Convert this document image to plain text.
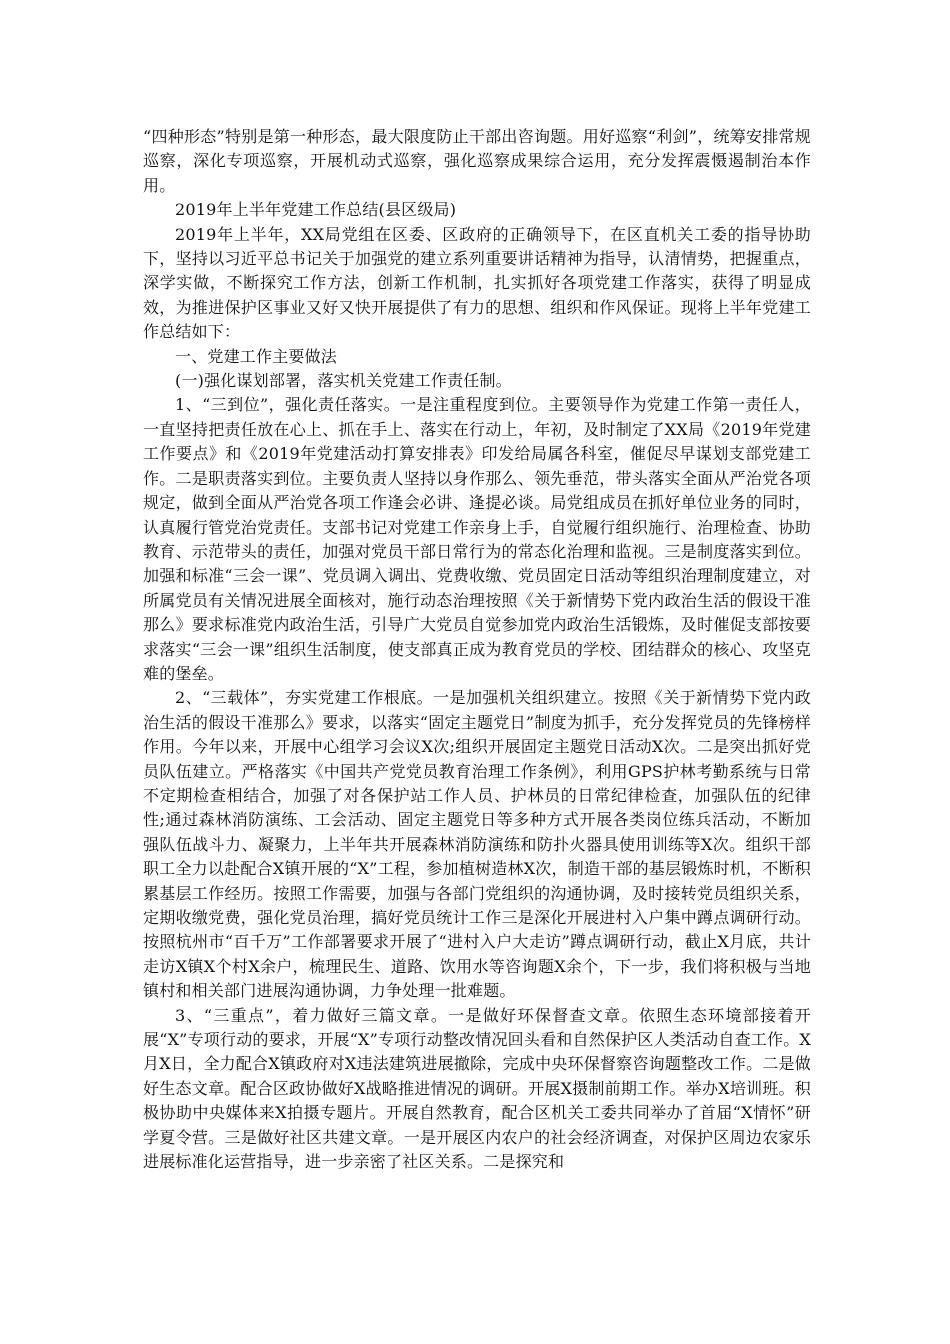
“四种形态”特别是第一种形态，最大限度防止干部出咨询题。用好巡察“利剑”，统筹安排常规巡察，深化专项巡察，开展机动式巡察，强化巡察成果综合运用，充分发挥震慑遏制治本作用。

2019年上半年党建工作总结(县区级局)

2019年上半年，XX局党组在区委、区政府的正确领导下，在区直机关工委的指导协助下，坚持以习近平总书记关于加强党的建立系列重要讲话精神为指导，认清情势，把握重点，深学实做，不断探究工作方法，创新工作机制，扎实抓好各项党建工作落实，获得了明显成效，为推进保护区事业又好又快开展提供了有力的思想、组织和作风保证。现将上半年党建工作总结如下：

一、党建工作主要做法

(一)强化谋划部署，落实机关党建工作责任制。

1、“三到位”，强化责任落实。一是注重程度到位。主要领导作为党建工作第一责任人，一直坚持把责任放在心上、抓在手上、落实在行动上，年初，及时制定了XX局《2019年党建工作要点》和《2019年党建活动打算安排表》印发给局属各科室，催促尽早谋划支部党建工作。二是职责落实到位。主要负责人坚持以身作那么、领先垂范，带头落实全面从严治党各项规定，做到全面从严治党各项工作逢会必讲、逢提必谈。局党组成员在抓好单位业务的同时，认真履行管党治党责任。支部书记对党建工作亲身上手，自觉履行组织施行、治理检查、协助教育、示范带头的责任，加强对党员干部日常行为的常态化治理和监视。三是制度落实到位。加强和标准“三会一课”、党员调入调出、党费收缴、党员固定日活动等组织治理制度建立，对所属党员有关情况进展全面核对，施行动态治理按照《关于新情势下党内政治生活的假设干准那么》要求标准党内政治生活，引导广大党员自觉参加党内政治生活锻炼，及时催促支部按要求落实“三会一课”组织生活制度，使支部真正成为教育党员的学校、团结群众的核心、攻坚克难的堡垒。

2、“三载体”，夯实党建工作根底。一是加强机关组织建立。按照《关于新情势下党内政治生活的假设干准那么》要求，以落实“固定主题党日”制度为抓手，充分发挥党员的先锋榜样作用。今年以来，开展中心组学习会议X次;组织开展固定主题党日活动X次。二是突出抓好党员队伍建立。严格落实《中国共产党党员教育治理工作条例》，利用GPS护林考勤系统与日常不定期检查相结合，加强了对各保护站工作人员、护林员的日常纪律检查，加强队伍的纪律性;通过森林消防演练、工会活动、固定主题党日等多种方式开展各类岗位练兵活动，不断加强队伍战斗力、凝聚力，上半年共开展森林消防演练和防扑火器具使用训练等X次。组织干部职工全力以赴配合X镇开展的“X”工程，参加植树造林X次，制造干部的基层锻炼时机，不断积累基层工作经历。按照工作需要，加强与各部门党组织的沟通协调，及时接转党员组织关系，定期收缴党费，强化党员治理，搞好党员统计工作三是深化开展进村入户集中蹲点调研行动。按照杭州市“百千万”工作部署要求开展了“进村入户大走访”蹲点调研行动，截止X月底，共计走访X镇X个村X余户，梳理民生、道路、饮用水等咨询题X余个，下一步，我们将积极与当地镇村和相关部门进展沟通协调，力争处理一批难题。

3、“三重点”，着力做好三篇文章。一是做好环保督查文章。依照生态环境部接着开展“X”专项行动的要求，开展“X”专项行动整改情况回头看和自然保护区人类活动自查工作。X月X日，全力配合X镇政府对X违法建筑进展撤除，完成中央环保督察咨询题整改工作。二是做好生态文章。配合区政协做好X战略推进情况的调研。开展X摄制前期工作。举办X培训班。积极协助中央媒体来X拍摄专题片。开展自然教育，配合区机关工委共同举办了首届“X情怀”研学夏令营。三是做好社区共建文章。一是开展区内农户的社会经济调查，对保护区周边农家乐进展标准化运营指导，进一步亲密了社区关系。二是探究和
